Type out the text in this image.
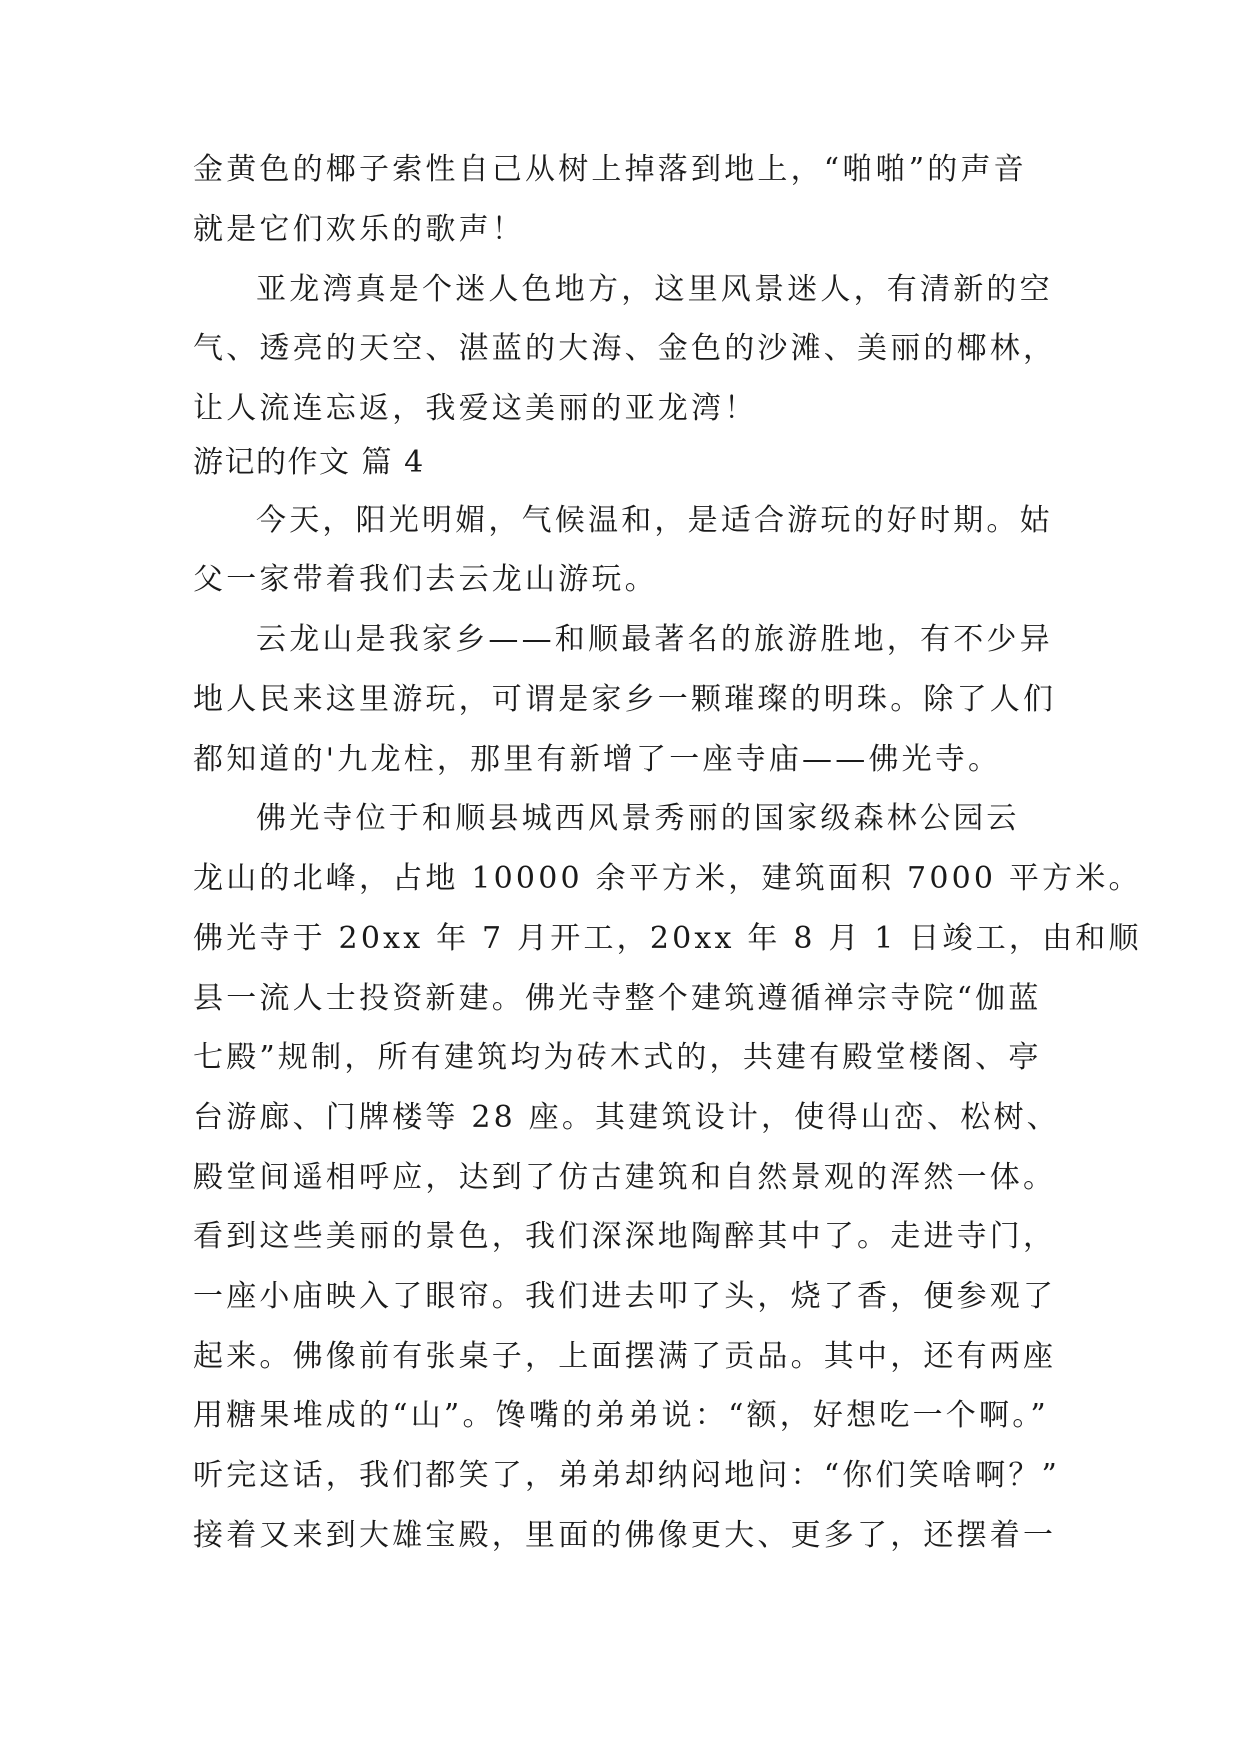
金黄色的椰子索性自己从树上掉落到地上，“啪啪”的声音
就是它们欢乐的歌声！
亚龙湾真是个迷人色地方，这里风景迷人，有清新的空
气、透亮的天空、湛蓝的大海、金色的沙滩、美丽的椰林，
让人流连忘返，我爱这美丽的亚龙湾！
游记的作文 篇 4
今天，阳光明媚，气候温和，是适合游玩的好时期。姑
父一家带着我们去云龙山游玩。
云龙山是我家乡——和顺最著名的旅游胜地，有不少异
地人民来这里游玩，可谓是家乡一颗璀璨的明珠。除了人们
都知道的'九龙柱，那里有新增了一座寺庙——佛光寺。
佛光寺位于和顺县城西风景秀丽的国家级森林公园云
龙山的北峰，占地 10000 余平方米，建筑面积 7000 平方米。
佛光寺于 20xx 年 7 月开工，20xx 年 8 月 1 日竣工，由和顺
县一流人士投资新建。佛光寺整个建筑遵循禅宗寺院“伽蓝
七殿”规制，所有建筑均为砖木式的，共建有殿堂楼阁、亭
台游廊、门牌楼等 28 座。其建筑设计，使得山峦、松树、
殿堂间遥相呼应，达到了仿古建筑和自然景观的浑然一体。
看到这些美丽的景色，我们深深地陶醉其中了。走进寺门，
一座小庙映入了眼帘。我们进去叩了头，烧了香，便参观了
起来。佛像前有张桌子，上面摆满了贡品。其中，还有两座
用糖果堆成的“山”。馋嘴的弟弟说：“额，好想吃一个啊。”
听完这话，我们都笑了，弟弟却纳闷地问：“你们笑啥啊？”
接着又来到大雄宝殿，里面的佛像更大、更多了，还摆着一
